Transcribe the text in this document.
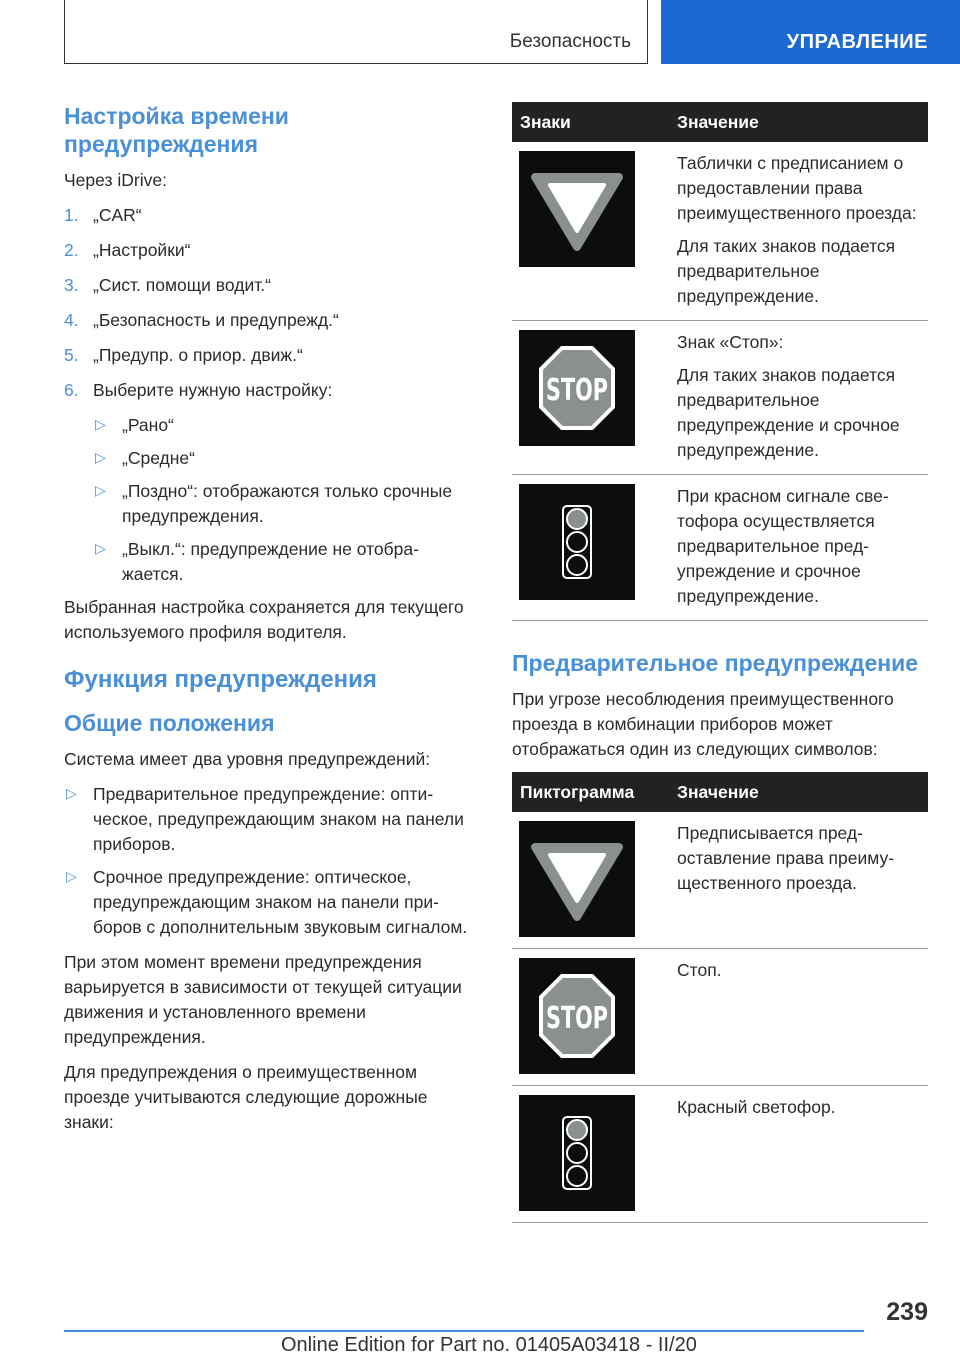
Безопасность	УПРАВЛЕНИЕ
Настройка времени предупреждения

Через iDrive:

1. „CAR“
2. „Настройки“
3. „Сист. помощи водит.“
4. „Безопасность и предупрежд.“
5. „Предупр. о приор. движ.“
6. Выберите нужную настройку:
▷ „Рано“
▷ „Средне“
▷ „Поздно“: отображаются только срочные предупреждения.
▷ „Выкл.“: предупреждение не отображается.

Выбранная настройка сохраняется для текущего используемого профиля водителя.

Функция предупреждения
Общие положения

Система имеет два уровня предупреждений:

▷ Предварительное предупреждение: оптическое, предупреждающим знаком на панели приборов.
▷ Срочное предупреждение: оптическое, предупреждающим знаком на панели приборов с дополнительным звуковым сигналом.

При этом момент времени предупреждения варьируется в зависимости от текущей ситуации движения и установленного времени предупреждения.

Для предупреждения о преимущественном проезде учитываются следующие дорожные знаки:

Знаки	Значение

Таблички с предписанием о предоставлении права преимущественного проезда:

Для таких знаков подается предварительное предупреждение.

STOP	Знак «Стоп»:

Для таких знаков подается предварительное предупреждение и срочное предупреждение.

При красном сигнале светофора осуществляется предварительное предупреждение и срочное предупреждение.

Предварительное предупреждение

При угрозе несоблюдения преимущественного проезда в комбинации приборов может отображаться один из следующих символов:

Пиктограмма	Значение

Предписывается предоставление права преимущественного проезда.

STOP	Стоп.

Красный светофор.

239
Online Edition for Part no. 01405A03418 - II/20
